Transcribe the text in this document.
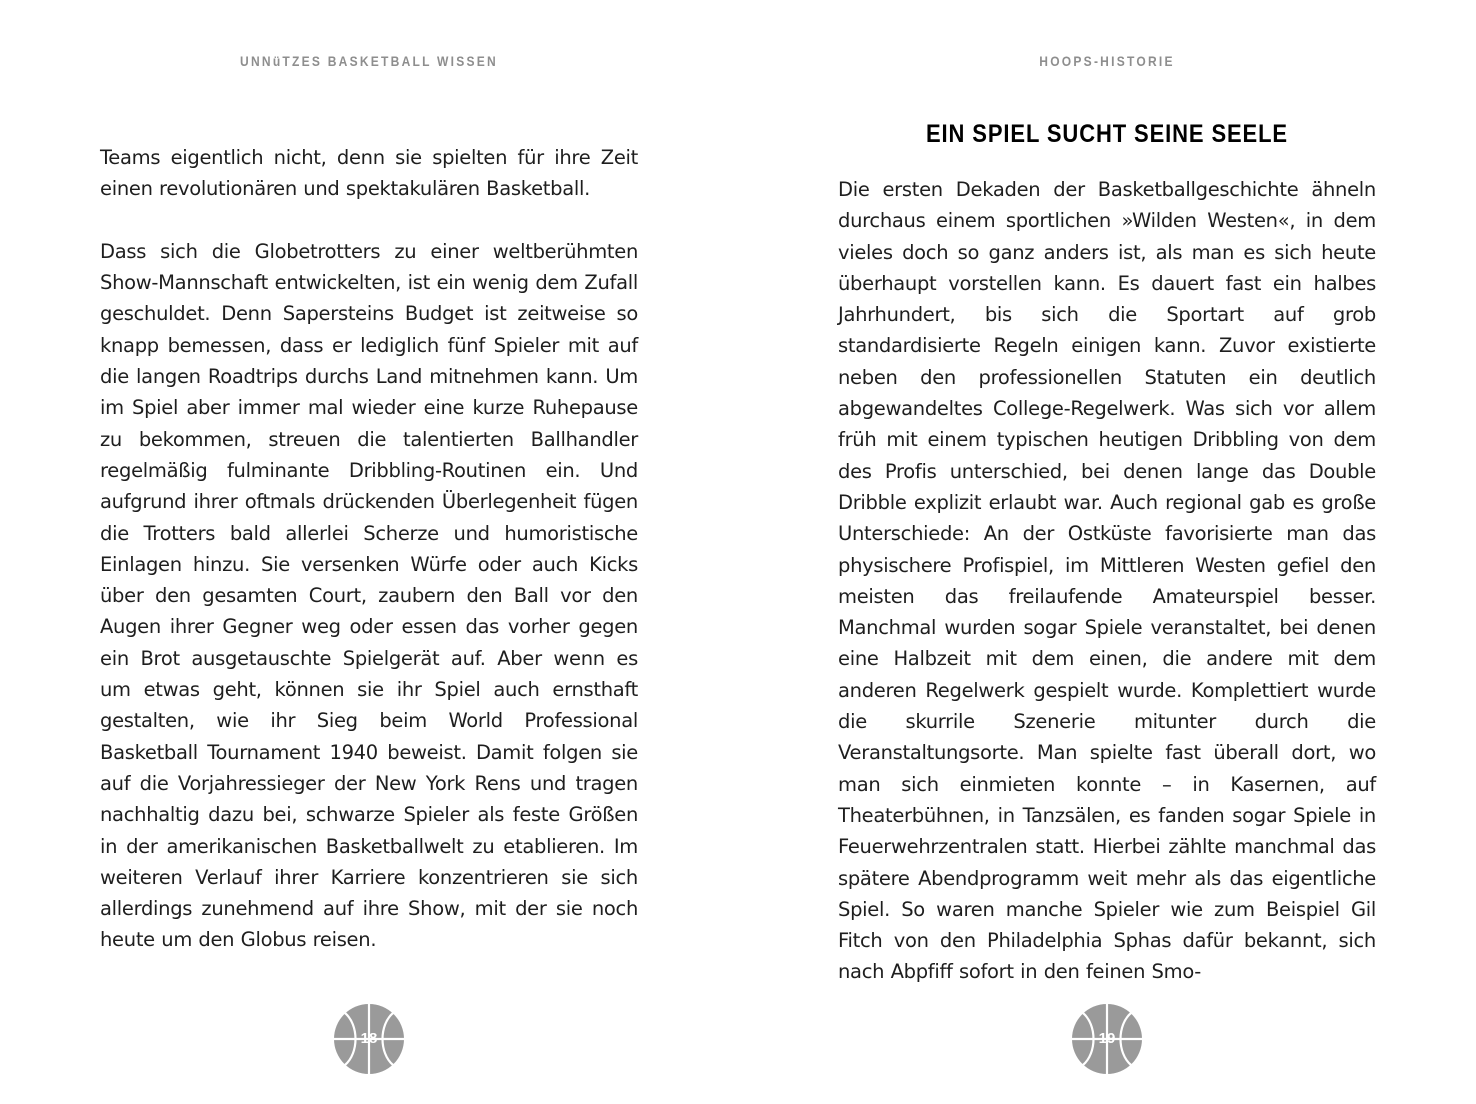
UNNüTZES BASKETBALL WISSEN

Teams eigentlich nicht, denn sie spielten für ihre Zeit einen revolutionären und spektakulären Basketball.

Dass sich die Globetrotters zu einer weltberühmten Show-Mannschaft entwickelten, ist ein wenig dem Zufall geschuldet. Denn Sapersteins Budget ist zeitweise so knapp bemessen, dass er lediglich fünf Spieler mit auf die langen Roadtrips durchs Land mitnehmen kann. Um im Spiel aber immer mal wieder eine kurze Ruhepause zu bekommen, streuen die talentierten Ballhandler regelmäßig fulminante Dribbling-Routinen ein. Und aufgrund ihrer oftmals drückenden Überlegenheit fügen die Trotters bald allerlei Scherze und humoristische Einlagen hinzu. Sie versenken Würfe oder auch Kicks über den gesamten Court, zaubern den Ball vor den Augen ihrer Gegner weg oder essen das vorher gegen ein Brot ausgetauschte Spielgerät auf. Aber wenn es um etwas geht, können sie ihr Spiel auch ernsthaft gestalten, wie ihr Sieg beim World Professional Basketball Tournament 1940 beweist. Damit folgen sie auf die Vorjahressieger der New York Rens und tragen nachhaltig dazu bei, schwarze Spieler als feste Größen in der amerikanischen Basketballwelt zu etablieren. Im weiteren Verlauf ihrer Karriere konzentrieren sie sich allerdings zunehmend auf ihre Show, mit der sie noch heute um den Globus reisen.

18
HOOPS-HISTORIE
EIN SPIEL SUCHT SEINE SEELE

Die ersten Dekaden der Basketballgeschichte ähneln durchaus einem sportlichen »Wilden Westen«, in dem vieles doch so ganz anders ist, als man es sich heute überhaupt vorstellen kann. Es dauert fast ein halbes Jahrhundert, bis sich die Sportart auf grob standardisierte Regeln einigen kann. Zuvor existierte neben den professionellen Statuten ein deutlich abgewandeltes College-Regelwerk. Was sich vor allem früh mit einem typischen heutigen Dribbling von dem des Profis unterschied, bei denen lange das Double Dribble explizit erlaubt war. Auch regional gab es große Unterschiede: An der Ostküste favorisierte man das physischere Profispiel, im Mittleren Westen gefiel den meisten das freilaufende Amateurspiel besser. Manchmal wurden sogar Spiele veranstaltet, bei denen eine Halbzeit mit dem einen, die andere mit dem anderen Regelwerk gespielt wurde. Komplettiert wurde die skurrile Szenerie mitunter durch die Veranstaltungsorte. Man spielte fast überall dort, wo man sich einmieten konnte – in Kasernen, auf Theaterbühnen, in Tanzsälen, es fanden sogar Spiele in Feuerwehrzentralen statt. Hierbei zählte manchmal das spätere Abendprogramm weit mehr als das eigentliche Spiel. So waren manche Spieler wie zum Beispiel Gil Fitch von den Philadelphia Sphas dafür bekannt, sich nach Abpfiff sofort in den feinen Smo-

19
